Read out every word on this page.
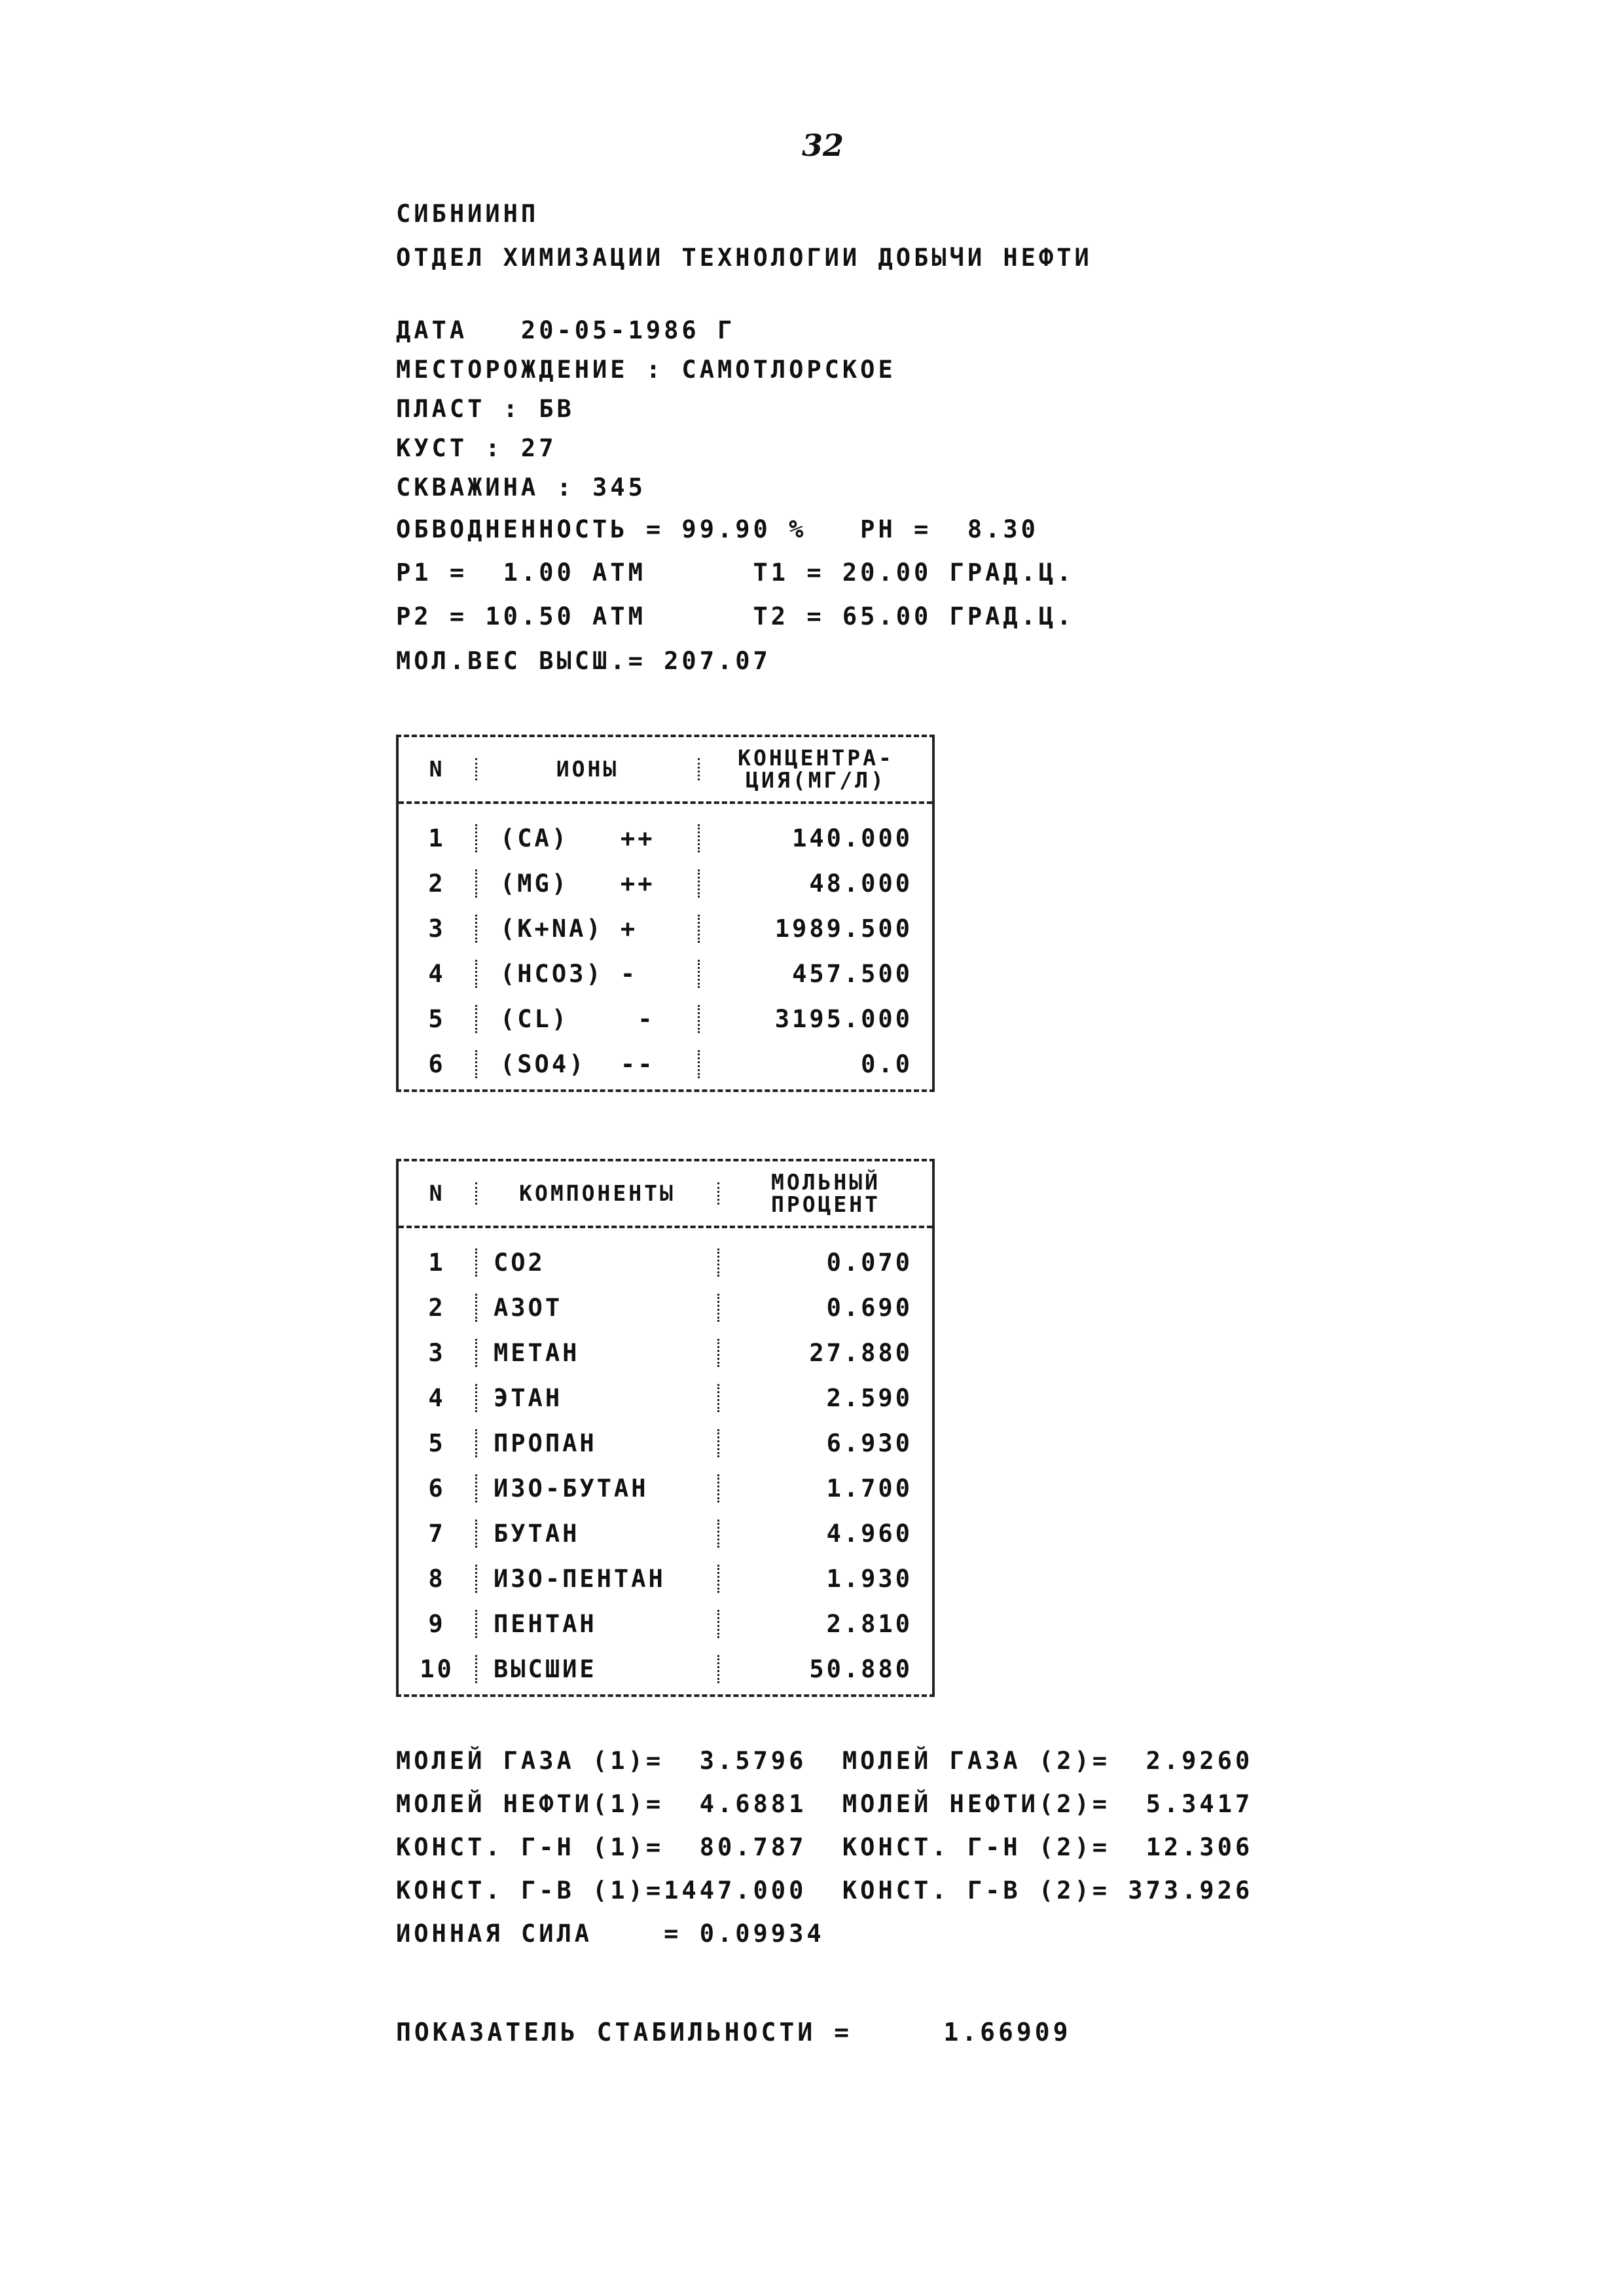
32
СИБНИИНП
ОТДЕЛ ХИМИЗАЦИИ ТЕХНОЛОГИИ ДОБЫЧИ НЕФТИ
ДАТА   20-05-1986 Г
МЕСТОРОЖДЕНИЕ : САМОТЛОРСКОЕ
ПЛАСТ : БВ
КУСТ : 27
СКВАЖИНА : 345
ОБВОДНЕННОСТЬ = 99.90 %   PH =  8.30
P1 =  1.00 АТМ      T1 = 20.00 ГРАД.Ц.
P2 = 10.50 АТМ      T2 = 65.00 ГРАД.Ц.
МОЛ.ВЕС ВЫСШ.= 207.07
N	ИОНЫ	КОНЦЕНТРА-
ЦИЯ(МГ/Л)
1	(CA)   ++	140.000
2	(MG)   ++	48.000
3	(K+NA) +	1989.500
4	(HCO3) -	457.500
5	(CL)    -	3195.000
6	(SO4)  --	0.0
N	КОМПОНЕНТЫ	МОЛЬНЫЙ
ПРОЦЕНТ
1	CO2	0.070
2	АЗОТ	0.690
3	МЕТАН	27.880
4	ЭТАН	2.590
5	ПРОПАН	6.930
6	ИЗО-БУТАН	1.700
7	БУТАН	4.960
8	ИЗО-ПЕНТАН	1.930
9	ПЕНТАН	2.810
10	ВЫСШИЕ	50.880
МОЛЕЙ ГАЗА (1)=  3.5796  МОЛЕЙ ГАЗА (2)=  2.9260
МОЛЕЙ НЕФТИ(1)=  4.6881  МОЛЕЙ НЕФТИ(2)=  5.3417
КОНСТ. Г-Н (1)=  80.787  КОНСТ. Г-Н (2)=  12.306
КОНСТ. Г-В (1)=1447.000  КОНСТ. Г-В (2)= 373.926
ИОННАЯ СИЛА    = 0.09934
ПОКАЗАТЕЛЬ СТАБИЛЬНОСТИ =     1.66909
